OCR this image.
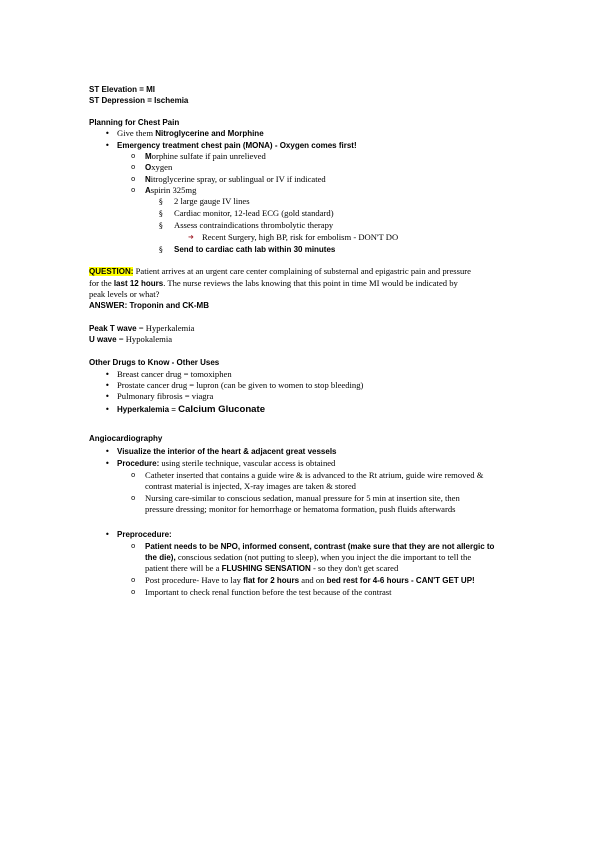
ST Elevation = MI
ST Depression = Ischemia
Planning for Chest Pain
• Give them Nitroglycerine and Morphine
• Emergency treatment chest pain (MONA) - Oxygen comes first!
o Morphine sulfate if pain unrelieved
o Oxygen
o Nitroglycerine spray, or sublingual or IV if indicated
o Aspirin 325mg
§ 2 large gauge IV lines
§ Cardiac monitor, 12-lead ECG (gold standard)
§ Assess contraindications thrombolytic therapy
➜ Recent Surgery, high BP, risk for embolism - DON'T DO
§ Send to cardiac cath lab within 30 minutes
QUESTION: Patient arrives at an urgent care center complaining of substernal and epigastric pain and pressure
for the last 12 hours. The nurse reviews the labs knowing that this point in time MI would be indicated by
peak levels or what?
ANSWER: Troponin and CK-MB
Peak T wave = Hyperkalemia
U wave = Hypokalemia
Other Drugs to Know - Other Uses
• Breast cancer drug = tomoxiphen
• Prostate cancer drug = lupron (can be given to women to stop bleeding)
• Pulmonary fibrosis = viagra
• Hyperkalemia = Calcium Gluconate
Angiocardiography
• Visualize the interior of the heart & adjacent great vessels
• Procedure: using sterile technique, vascular access is obtained
o Catheter inserted that contains a guide wire & is advanced to the Rt atrium, guide wire removed &
contrast material is injected, X-ray images are taken & stored
o Nursing care-similar to conscious sedation, manual pressure for 5 min at insertion site, then
pressure dressing; monitor for hemorrhage or hematoma formation, push fluids afterwards
• Preprocedure:
o Patient needs to be NPO, informed consent, contrast (make sure that they are not allergic to
the die), conscious sedation (not putting to sleep), when you inject the die important to tell the
patient there will be a FLUSHING SENSATION - so they don't get scared
o Post procedure- Have to lay flat for 2 hours and on bed rest for 4-6 hours - CAN'T GET UP!
o Important to check renal function before the test because of the contrast
